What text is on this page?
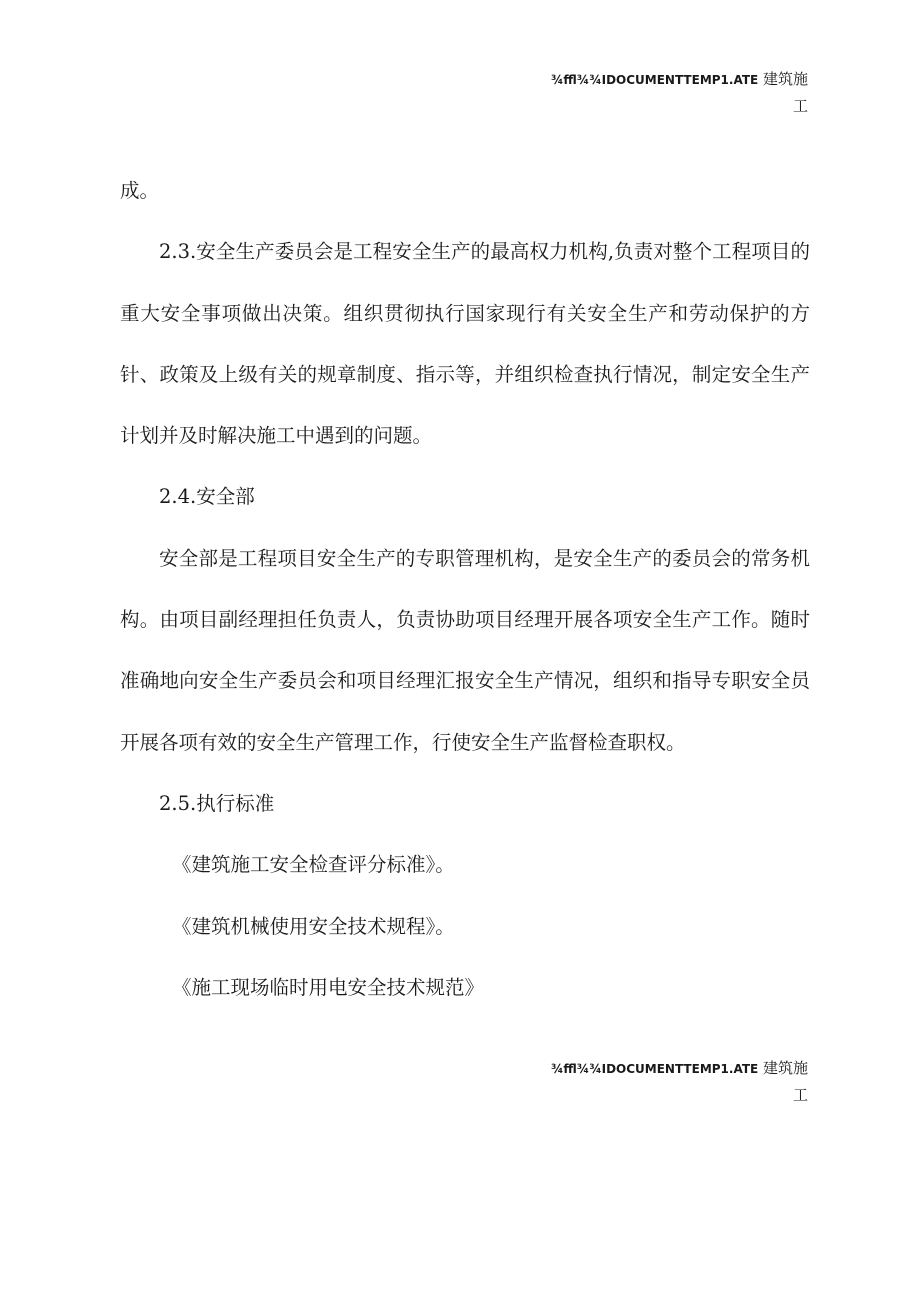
¾ffl¾¾IDOCUMENTTEMP1.ATE 建筑施
工

成。

2.3.安全生产委员会是工程安全生产的最高权力机构,负责对整个工程项目的重大安全事项做出决策。组织贯彻执行国家现行有关安全生产和劳动保护的方针、政策及上级有关的规章制度、指示等，并组织检查执行情况，制定安全生产计划并及时解决施工中遇到的问题。

2.4.安全部

安全部是工程项目安全生产的专职管理机构，是安全生产的委员会的常务机构。由项目副经理担任负责人，负责协助项目经理开展各项安全生产工作。随时准确地向安全生产委员会和项目经理汇报安全生产情况，组织和指导专职安全员开展各项有效的安全生产管理工作，行使安全生产监督检查职权。

2.5.执行标准

《建筑施工安全检查评分标准》。

《建筑机械使用安全技术规程》。

《施工现场临时用电安全技术规范》

¾ffl¾¾IDOCUMENTTEMP1.ATE 建筑施
工
